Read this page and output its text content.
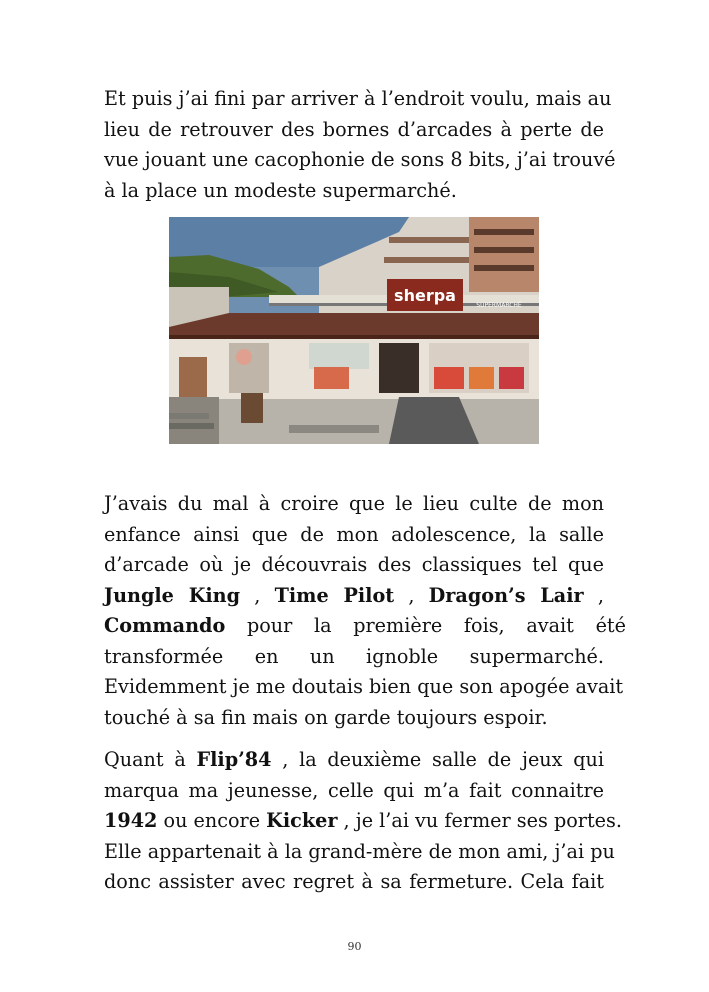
Et puis j’ai fini par arriver à l’endroit voulu, mais au
lieu de retrouver des bornes d’arcades à perte de
vue jouant une cacophonie de sons 8 bits, j’ai trouvé
à la place un modeste supermarché.

sherpa
SUPERMARCHÉ

J’avais du mal à croire que le lieu culte de mon
enfance ainsi que de mon adolescence, la salle
d’arcade où je découvrais des classiques tel que
Jungle King , Time Pilot , Dragon’s Lair ,
Commando pour la première fois, avait été
transformée en un ignoble supermarché.
Evidemment je me doutais bien que son apogée avait
touché à sa fin mais on garde toujours espoir.

Quant à Flip’84 , la deuxième salle de jeux qui
marqua ma jeunesse, celle qui m’a fait connaitre
1942 ou encore Kicker , je l’ai vu fermer ses portes.
Elle appartenait à la grand-mère de mon ami, j’ai pu
donc assister avec regret à sa fermeture. Cela fait

90
